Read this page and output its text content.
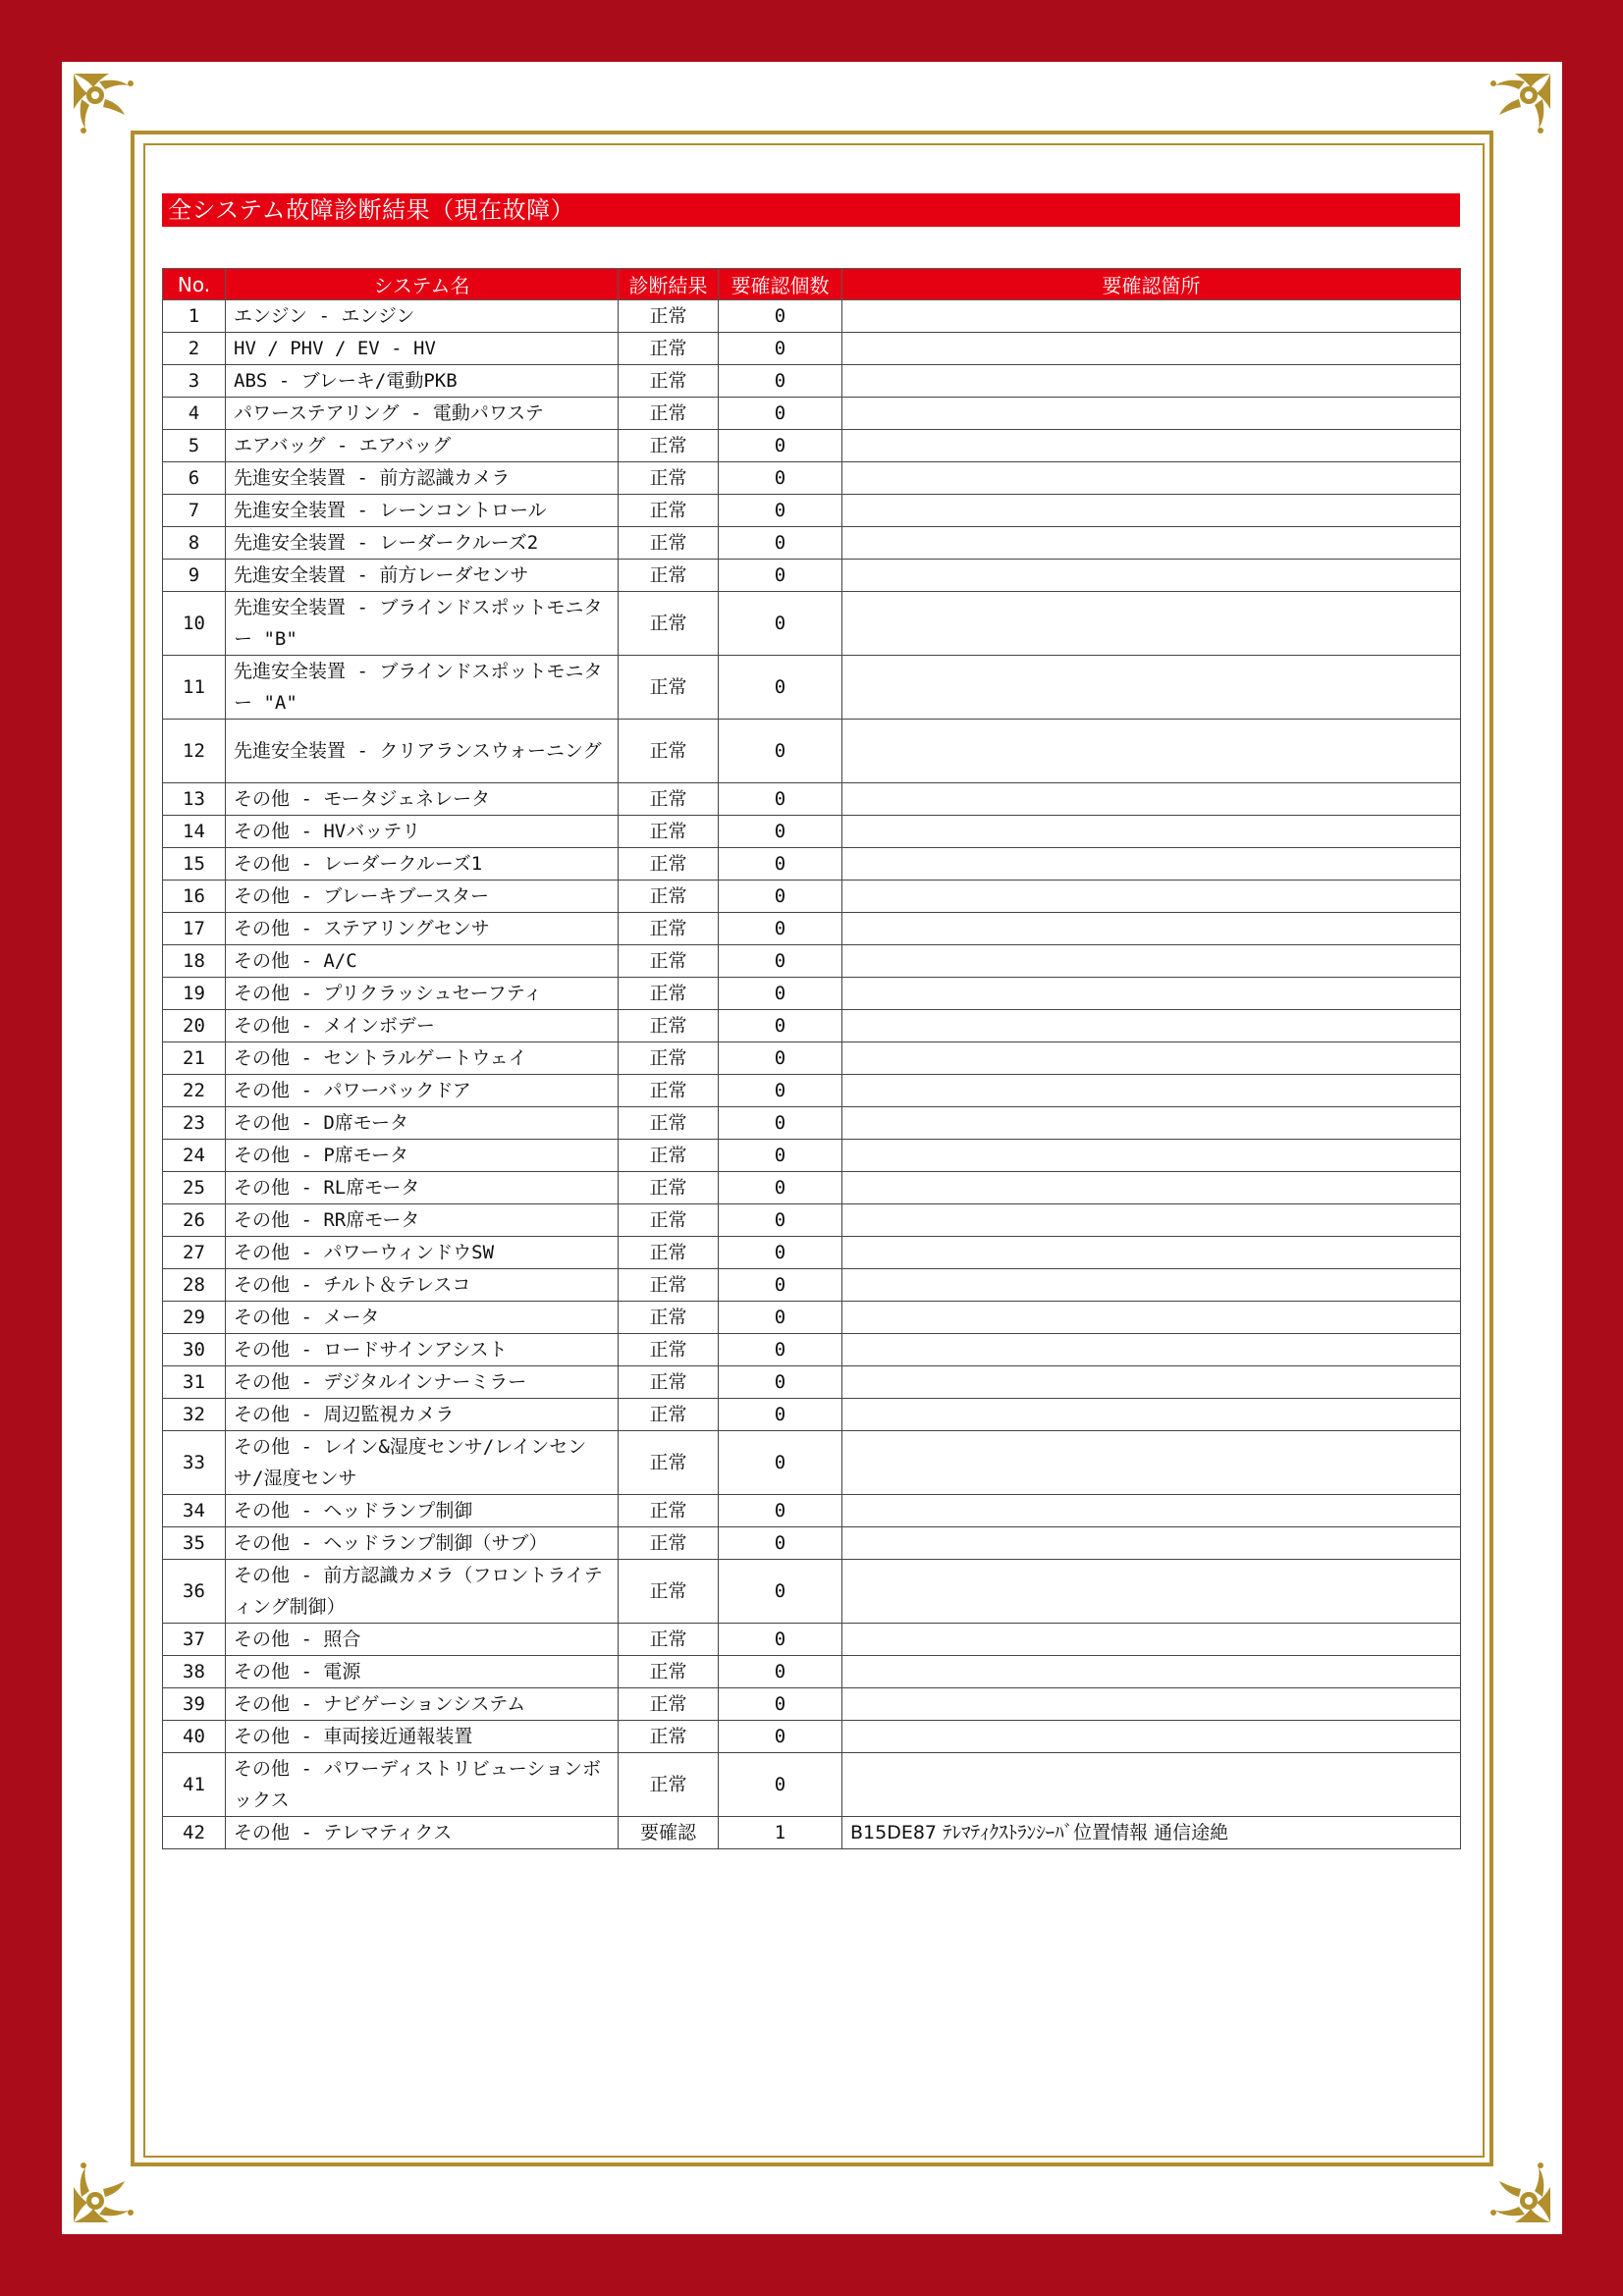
全システム故障診断結果（現在故障）
No.	システム名	診断結果	要確認個数	要確認箇所
1	エンジン - エンジン	正常	0	
2	HV / PHV / EV - HV	正常	0	
3	ABS - ブレーキ/電動PKB	正常	0	
4	パワーステアリング - 電動パワステ	正常	0	
5	エアバッグ - エアバッグ	正常	0	
6	先進安全装置 - 前方認識カメラ	正常	0	
7	先進安全装置 - レーンコントロール	正常	0	
8	先進安全装置 - レーダークルーズ2	正常	0	
9	先進安全装置 - 前方レーダセンサ	正常	0	
10	先進安全装置 - ブラインドスポットモニター "B"	正常	0	
11	先進安全装置 - ブラインドスポットモニター "A"	正常	0	
12	先進安全装置 - クリアランスウォーニング	正常	0	
13	その他 - モータジェネレータ	正常	0	
14	その他 - HVバッテリ	正常	0	
15	その他 - レーダークルーズ1	正常	0	
16	その他 - ブレーキブースター	正常	0	
17	その他 - ステアリングセンサ	正常	0	
18	その他 - A/C	正常	0	
19	その他 - プリクラッシュセーフティ	正常	0	
20	その他 - メインボデー	正常	0	
21	その他 - セントラルゲートウェイ	正常	0	
22	その他 - パワーバックドア	正常	0	
23	その他 - D席モータ	正常	0	
24	その他 - P席モータ	正常	0	
25	その他 - RL席モータ	正常	0	
26	その他 - RR席モータ	正常	0	
27	その他 - パワーウィンドウSW	正常	0	
28	その他 - チルト＆テレスコ	正常	0	
29	その他 - メータ	正常	0	
30	その他 - ロードサインアシスト	正常	0	
31	その他 - デジタルインナーミラー	正常	0	
32	その他 - 周辺監視カメラ	正常	0	
33	その他 - レイン&湿度センサ/レインセンサ/湿度センサ	正常	0	
34	その他 - ヘッドランプ制御	正常	0	
35	その他 - ヘッドランプ制御（サブ）	正常	0	
36	その他 - 前方認識カメラ（フロントライティング制御）	正常	0	
37	その他 - 照合	正常	0	
38	その他 - 電源	正常	0	
39	その他 - ナビゲーションシステム	正常	0	
40	その他 - 車両接近通報装置	正常	0	
41	その他 - パワーディストリビューションボックス	正常	0	
42	その他 - テレマティクス	要確認	1	B15DE87 ﾃﾚﾏﾃｨｸｽﾄﾗﾝｼｰﾊﾞ位置情報 通信途絶
